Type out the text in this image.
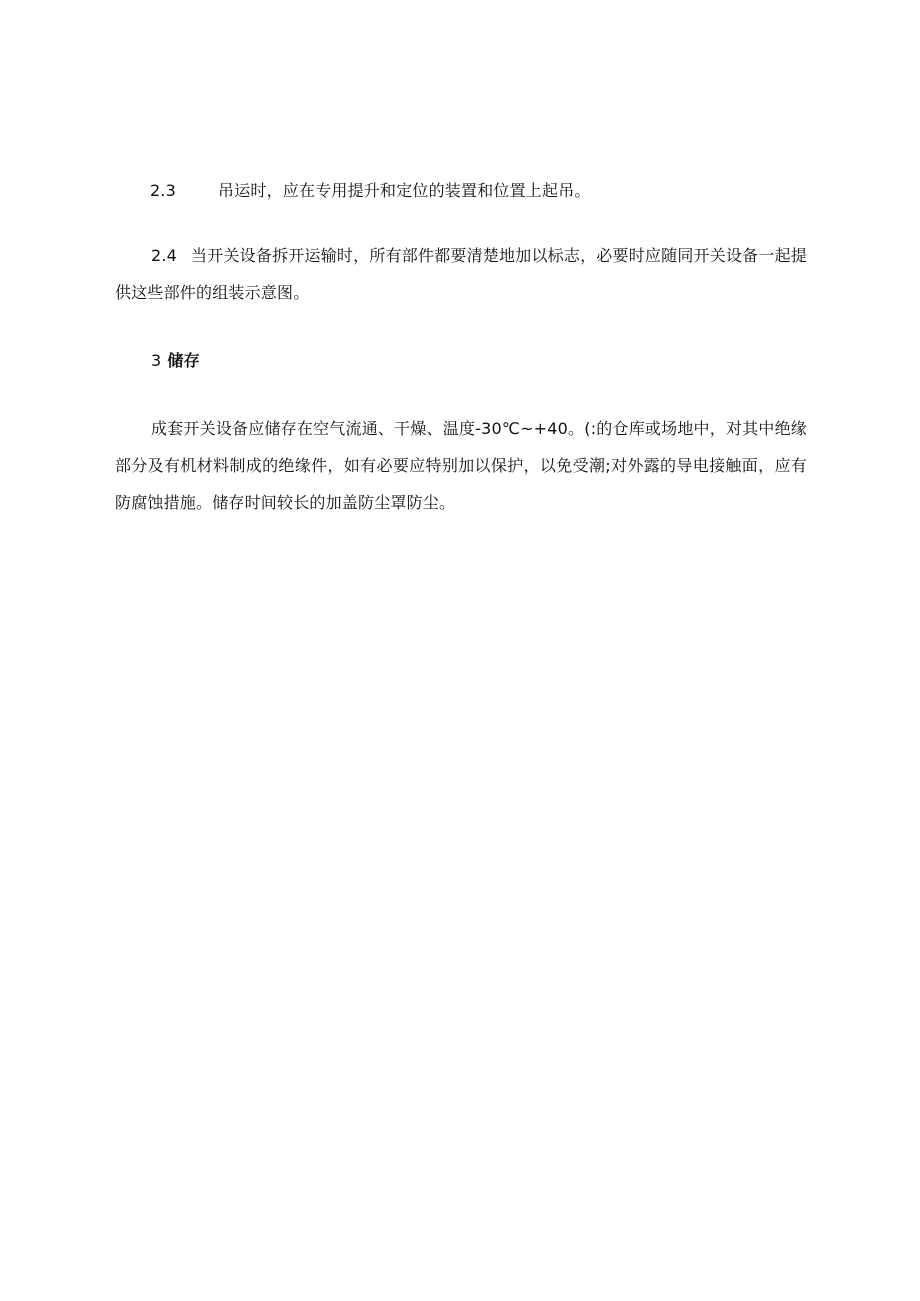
2.3	吊运时，应在专用提升和定位的装置和位置上起吊。
2.4 当开关设备拆开运输时，所有部件都要清楚地加以标志，必要时应随同开关设备一起提供这些部件的组装示意图。
3 储存
成套开关设备应储存在空气流通、干燥、温度-30℃~+40。(:的仓库或场地中，对其中绝缘部分及有机材料制成的绝缘件，如有必要应特别加以保护，以免受潮;对外露的导电接触面，应有防腐蚀措施。储存时间较长的加盖防尘罩防尘。
